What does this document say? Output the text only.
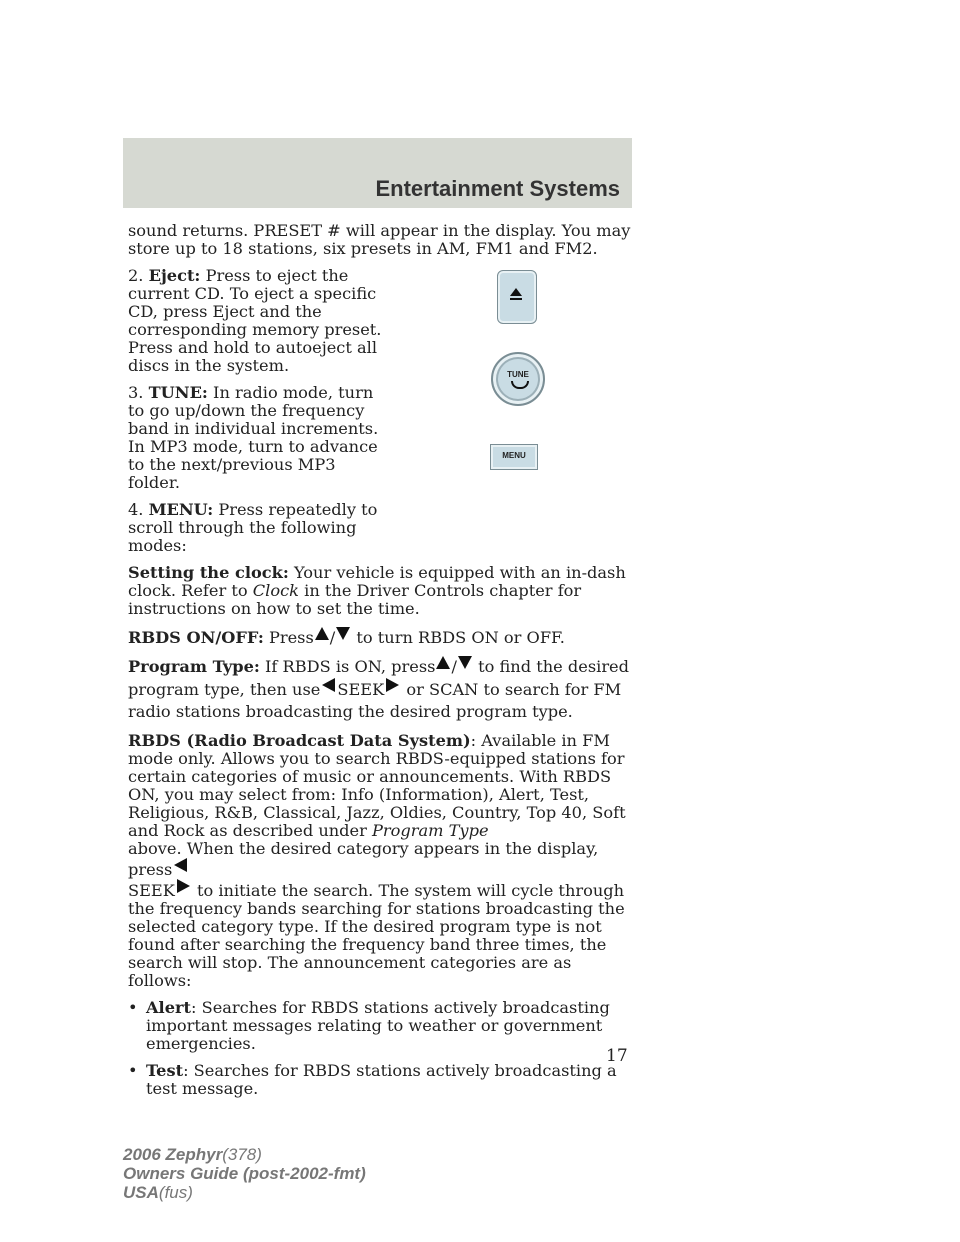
Entertainment Systems
TUNE
MENU

sound returns. PRESET # will appear in the display. You may store up to 18 stations, six presets in AM, FM1 and FM2.

2. Eject: Press to eject the current CD. To eject a specific CD, press Eject and the corresponding memory preset. Press and hold to autoeject all discs in the system.

3. TUNE: In radio mode, turn to go up/down the frequency band in individual increments.
In MP3 mode, turn to advance to the next/previous MP3 folder.

4. MENU: Press repeatedly to scroll through the following modes:

Setting the clock: Your vehicle is equipped with an in-dash clock. Refer to Clock in the Driver Controls chapter for instructions on how to set the time.

RBDS ON/OFF: Press / to turn RBDS ON or OFF.

Program Type: If RBDS is ON, press / to find the desired program type, then use SEEK or SCAN to search for FM radio stations broadcasting the desired program type.

RBDS (Radio Broadcast Data System): Available in FM mode only. Allows you to search RBDS-equipped stations for certain categories of music or announcements. With RBDS ON, you may select from: Info (Information), Alert, Test, Religious, R&B, Classical, Jazz, Oldies, Country, Top 40, Soft and Rock as described under Program Type
above. When the desired category appears in the display, press
SEEK to initiate the search. The system will cycle through the frequency bands searching for stations broadcasting the selected category type. If the desired program type is not found after searching the frequency band three times, the search will stop. The announcement categories are as follows:

• Alert: Searches for RBDS stations actively broadcasting important messages relating to weather or government emergencies.

• Test: Searches for RBDS stations actively broadcasting a test message.

17
2006 Zephyr(378)
Owners Guide (post-2002-fmt)
USA(fus)
